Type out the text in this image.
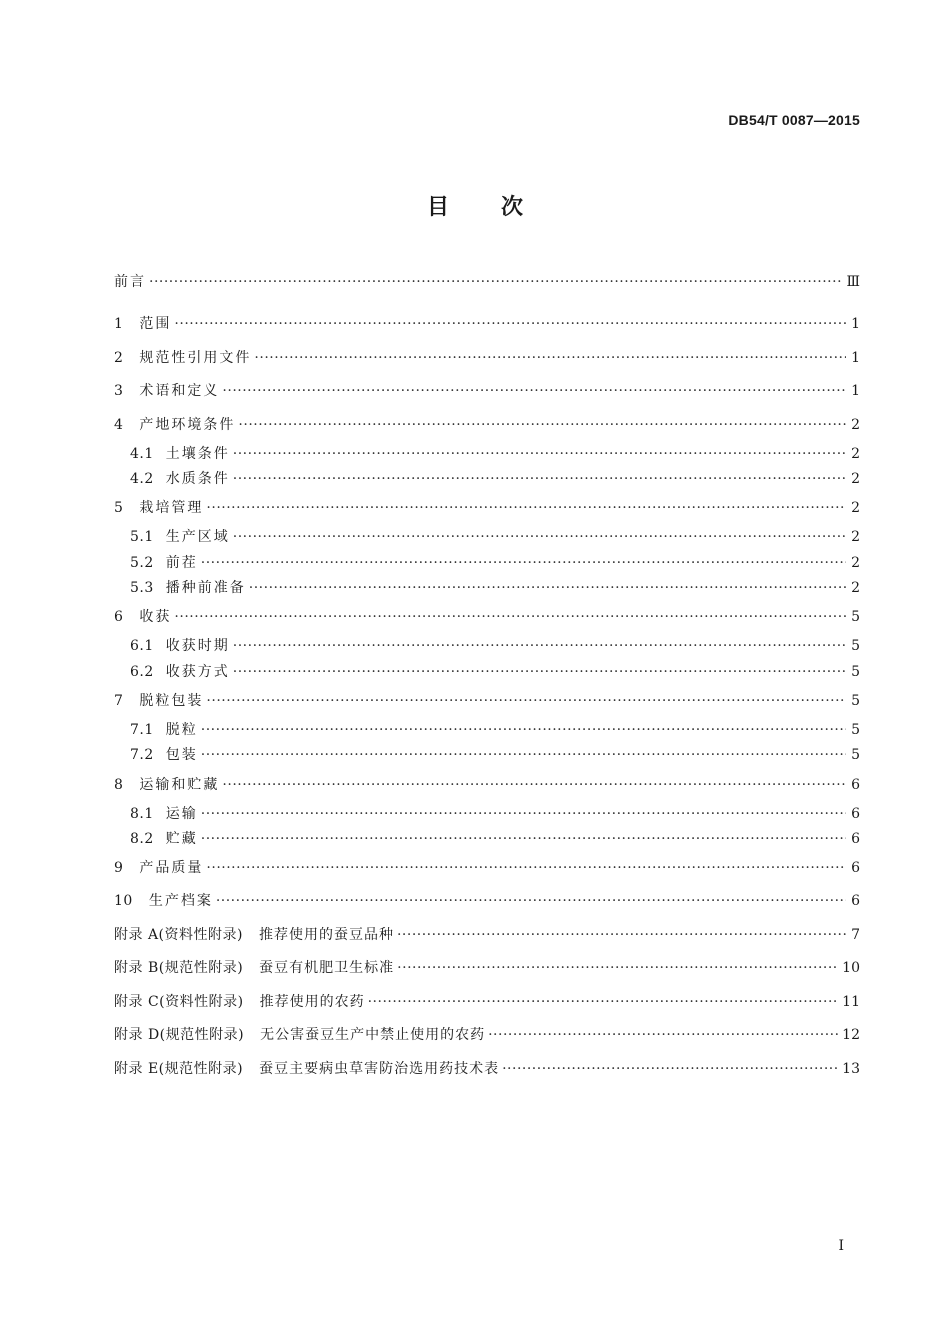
DB54/T 0087—2015
目次
前言 ·····	Ⅲ
1 范围 ·····	1
2 规范性引用文件 ·····	1
3 术语和定义 ·····	1
4 产地环境条件 ·····	2
4.1 土壤条件 ·····	2
4.2 水质条件 ·····	2
5 栽培管理 ·····	2
5.1 生产区域 ·····	2
5.2 前茬 ·····	2
5.3 播种前准备 ·····	2
6 收获 ·····	5
6.1 收获时期 ·····	5
6.2 收获方式 ·····	5
7 脱粒包装 ·····	5
7.1 脱粒 ·····	5
7.2 包装 ·····	5
8 运输和贮藏 ·····	6
8.1 运输 ·····	6
8.2 贮藏 ·····	6
9 产品质量 ·····	6
10 生产档案 ·····	6
附录 A(资料性附录) 推荐使用的蚕豆品种 ·····	7
附录 B(规范性附录) 蚕豆有机肥卫生标准 ·····	10
附录 C(资料性附录) 推荐使用的农药 ·····	11
附录 D(规范性附录) 无公害蚕豆生产中禁止使用的农药 ·····	12
附录 E(规范性附录) 蚕豆主要病虫草害防治选用药技术表 ·····	13
I
